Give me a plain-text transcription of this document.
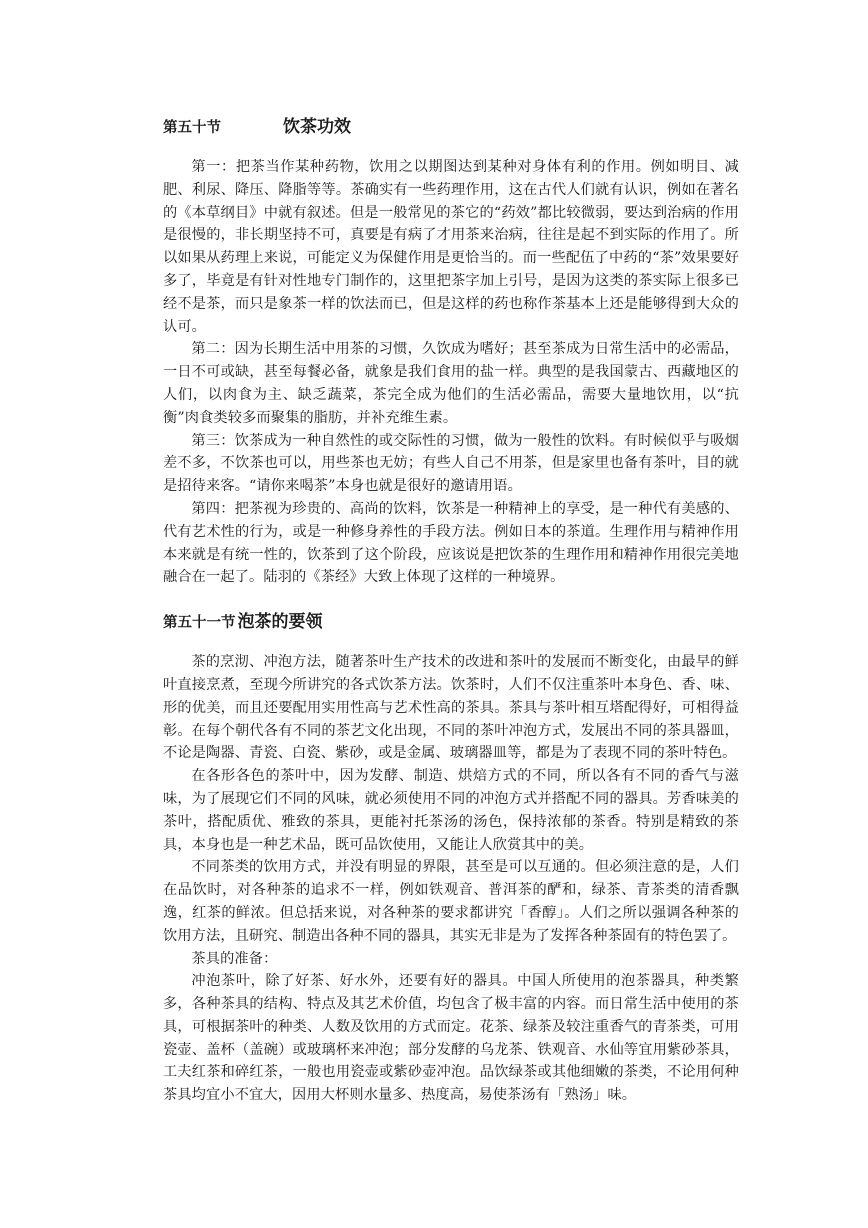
第五十节	饮茶功效

第一：把茶当作某种药物，饮用之以期图达到某种对身体有利的作用。例如明目、减肥、利尿、降压、降脂等等。茶确实有一些药理作用，这在古代人们就有认识，例如在著名的《本草纲目》中就有叙述。但是一般常见的茶它的“药效”都比较微弱，要达到治病的作用是很慢的，非长期坚持不可，真要是有病了才用茶来治病，往往是起不到实际的作用了。所以如果从药理上来说，可能定义为保健作用是更恰当的。而一些配伍了中药的“茶”效果要好多了，毕竟是有针对性地专门制作的，这里把茶字加上引号，是因为这类的茶实际上很多已经不是茶，而只是象茶一样的饮法而已，但是这样的药也称作茶基本上还是能够得到大众的认可。

第二：因为长期生活中用茶的习惯，久饮成为嗜好；甚至茶成为日常生活中的必需品，一日不可或缺，甚至每餐必备，就象是我们食用的盐一样。典型的是我国蒙古、西藏地区的人们，以肉食为主、缺乏蔬菜，茶完全成为他们的生活必需品，需要大量地饮用，以“抗衡”肉食类较多而聚集的脂肪，并补充维生素。

第三：饮茶成为一种自然性的或交际性的习惯，做为一般性的饮料。有时候似乎与吸烟差不多，不饮茶也可以，用些茶也无妨；有些人自己不用茶，但是家里也备有茶叶，目的就是招待来客。“请你来喝茶”本身也就是很好的邀请用语。

第四：把茶视为珍贵的、高尚的饮料，饮茶是一种精神上的享受，是一种代有美感的、代有艺术性的行为，或是一种修身养性的手段方法。例如日本的茶道。生理作用与精神作用本来就是有统一性的，饮茶到了这个阶段，应该说是把饮茶的生理作用和精神作用很完美地融合在一起了。陆羽的《茶经》大致上体现了这样的一种境界。

第五十一节 泡茶的要领

茶的烹沏、冲泡方法，随著茶叶生产技术的改进和茶叶的发展而不断变化，由最早的鲜叶直接烹煮，至现今所讲究的各式饮茶方法。饮茶时，人们不仅注重茶叶本身色、香、味、形的优美，而且还要配用实用性高与艺术性高的茶具。茶具与茶叶相互塔配得好，可相得益彰。在每个朝代各有不同的茶艺文化出现，不同的茶叶冲泡方式，发展出不同的茶具器皿，不论是陶器、青瓷、白瓷、紫砂，或是金属、玻璃器皿等，都是为了表现不同的茶叶特色。

在各形各色的茶叶中，因为发酵、制造、烘焙方式的不同，所以各有不同的香气与滋味，为了展现它们不同的风味，就必须使用不同的冲泡方式并搭配不同的器具。芳香味美的茶叶，搭配质优、雅致的茶具，更能衬托茶汤的汤色，保持浓郁的茶香。特别是精致的茶具，本身也是一种艺术品，既可品饮使用，又能让人欣赏其中的美。

不同茶类的饮用方式，并没有明显的界限，甚至是可以互通的。但必须注意的是，人们在品饮时，对各种茶的追求不一样，例如铁观音、普洱茶的酽和，绿茶、青茶类的清香飘逸，红茶的鲜浓。但总括来说，对各种茶的要求都讲究「香醇」。人们之所以强调各种茶的饮用方法，且研究、制造出各种不同的器具，其实无非是为了发挥各种茶固有的特色罢了。

茶具的准备：

冲泡茶叶，除了好茶、好水外，还要有好的器具。中国人所使用的泡茶器具，种类繁多，各种茶具的结构、特点及其艺术价值，均包含了极丰富的内容。而日常生活中使用的茶具，可根据茶叶的种类、人数及饮用的方式而定。花茶、绿茶及较注重香气的青茶类，可用瓷壶、盖杯（盖碗）或玻璃杯来冲泡；部分发酵的乌龙茶、铁观音、水仙等宜用紫砂茶具，工夫红茶和碎红茶，一般也用瓷壶或紫砂壶冲泡。品饮绿茶或其他细嫩的茶类，不论用何种茶具均宜小不宜大，因用大杯则水量多、热度高，易使茶汤有「熟汤」味。
